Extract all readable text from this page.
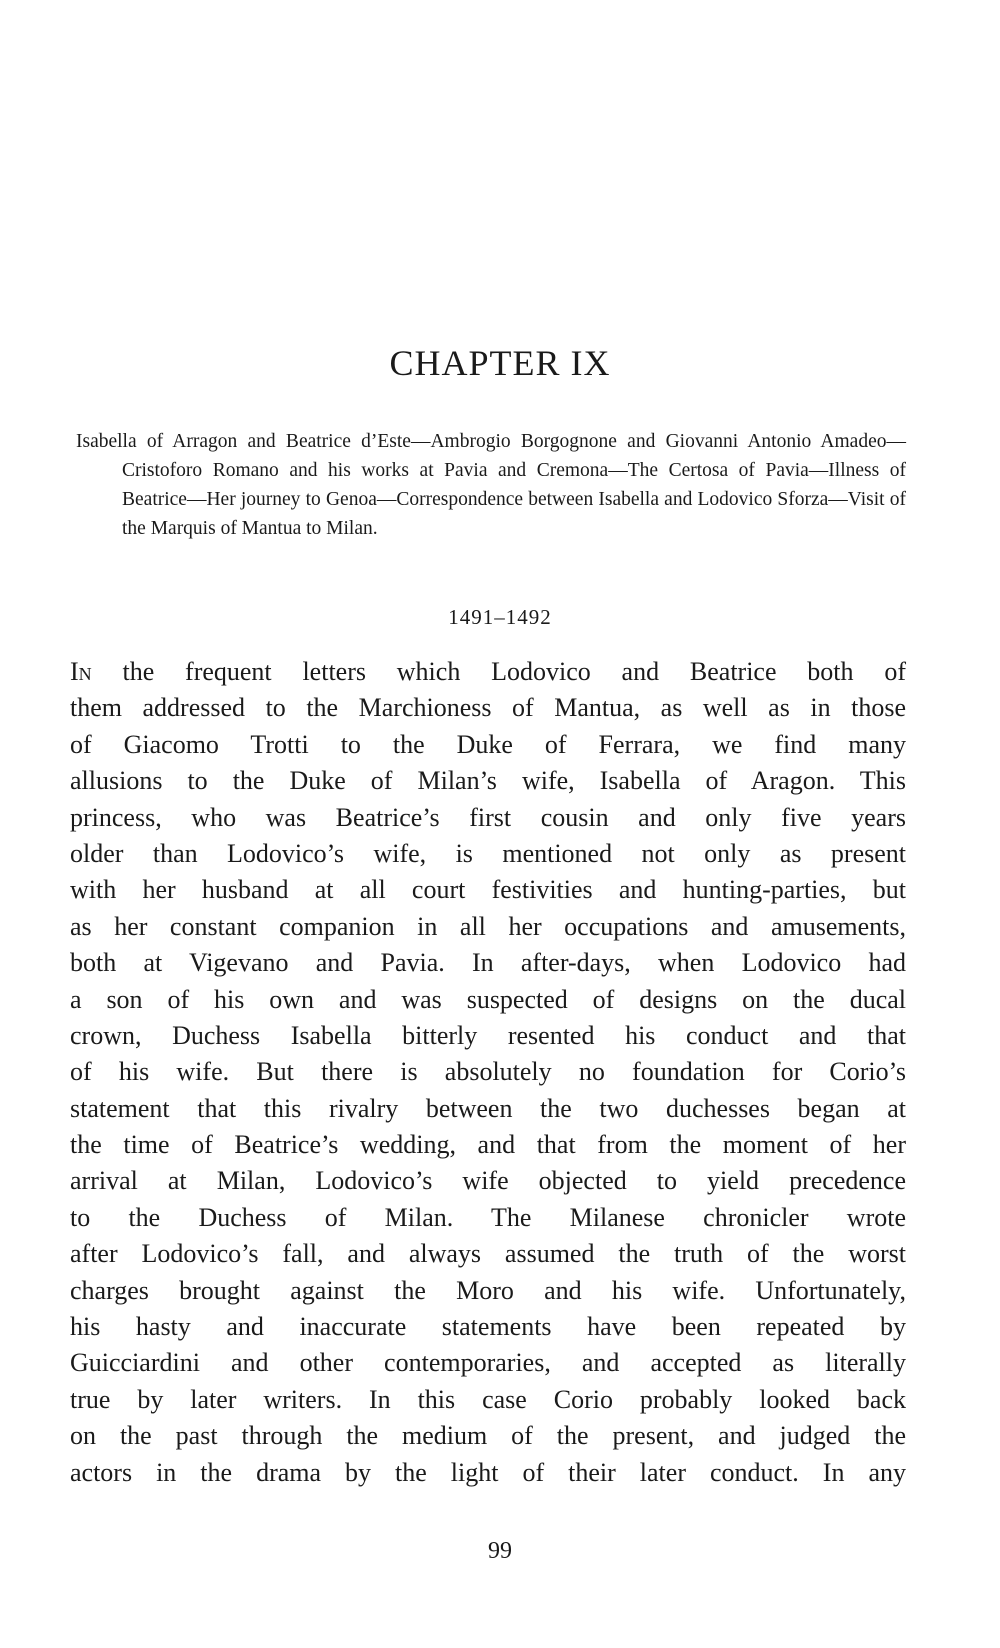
CHAPTER IX

Isabella of Arragon and Beatrice d’Este—Ambrogio Borgognone and Giovanni Antonio Amadeo—Cristoforo Romano and his works at Pavia and Cremona—The Certosa of Pavia—Illness of Beatrice—Her journey to Genoa—Correspondence between Isabella and Lodovico Sforza—Visit of the Marquis of Mantua to Milan.

1491–1492

In the frequent letters which Lodovico and Beatrice both of
them addressed to the Marchioness of Mantua, as well as in those
of Giacomo Trotti to the Duke of Ferrara, we find many
allusions to the Duke of Milan’s wife, Isabella of Aragon. This
princess, who was Beatrice’s first cousin and only five years
older than Lodovico’s wife, is mentioned not only as present
with her husband at all court festivities and hunting-parties, but
as her constant companion in all her occupations and amusements,
both at Vigevano and Pavia. In after-days, when Lodovico had
a son of his own and was suspected of designs on the ducal
crown, Duchess Isabella bitterly resented his conduct and that
of his wife. But there is absolutely no foundation for Corio’s
statement that this rivalry between the two duchesses began at
the time of Beatrice’s wedding, and that from the moment of her
arrival at Milan, Lodovico’s wife objected to yield precedence
to the Duchess of Milan. The Milanese chronicler wrote
after Lodovico’s fall, and always assumed the truth of the worst
charges brought against the Moro and his wife. Unfortunately,
his hasty and inaccurate statements have been repeated by
Guicciardini and other contemporaries, and accepted as literally
true by later writers. In this case Corio probably looked back
on the past through the medium of the present, and judged the
actors in the drama by the light of their later conduct. In any

99
